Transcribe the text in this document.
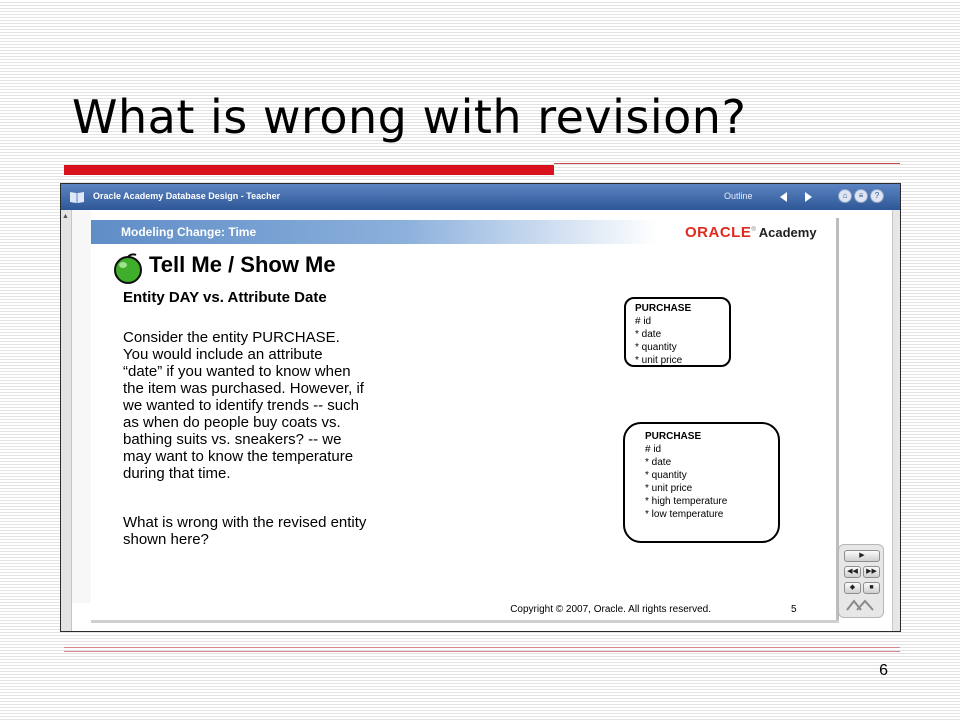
What is wrong with revision?
Oracle Academy Database Design - Teacher	Outline	⌂	≡	?
▲
Modeling Change: Time	ORACLE® Academy
Tell Me / Show Me
Entity DAY vs. Attribute Date

Consider the entity PURCHASE.
You would include an attribute
“date” if you wanted to know when
the item was purchased. However, if
we wanted to identify trends -- such
as when do people buy coats vs.
bathing suits vs. sneakers? -- we
may want to know the temperature
during that time.

What is wrong with the revised entity
shown here?

PURCHASE
# id
* date
* quantity
* unit price
PURCHASE
# id
* date
* quantity
* unit price
* high temperature
* low temperature
Copyright © 2007, Oracle. All rights reserved.	5
▶
◀◀	▶▶
◆	■
6
